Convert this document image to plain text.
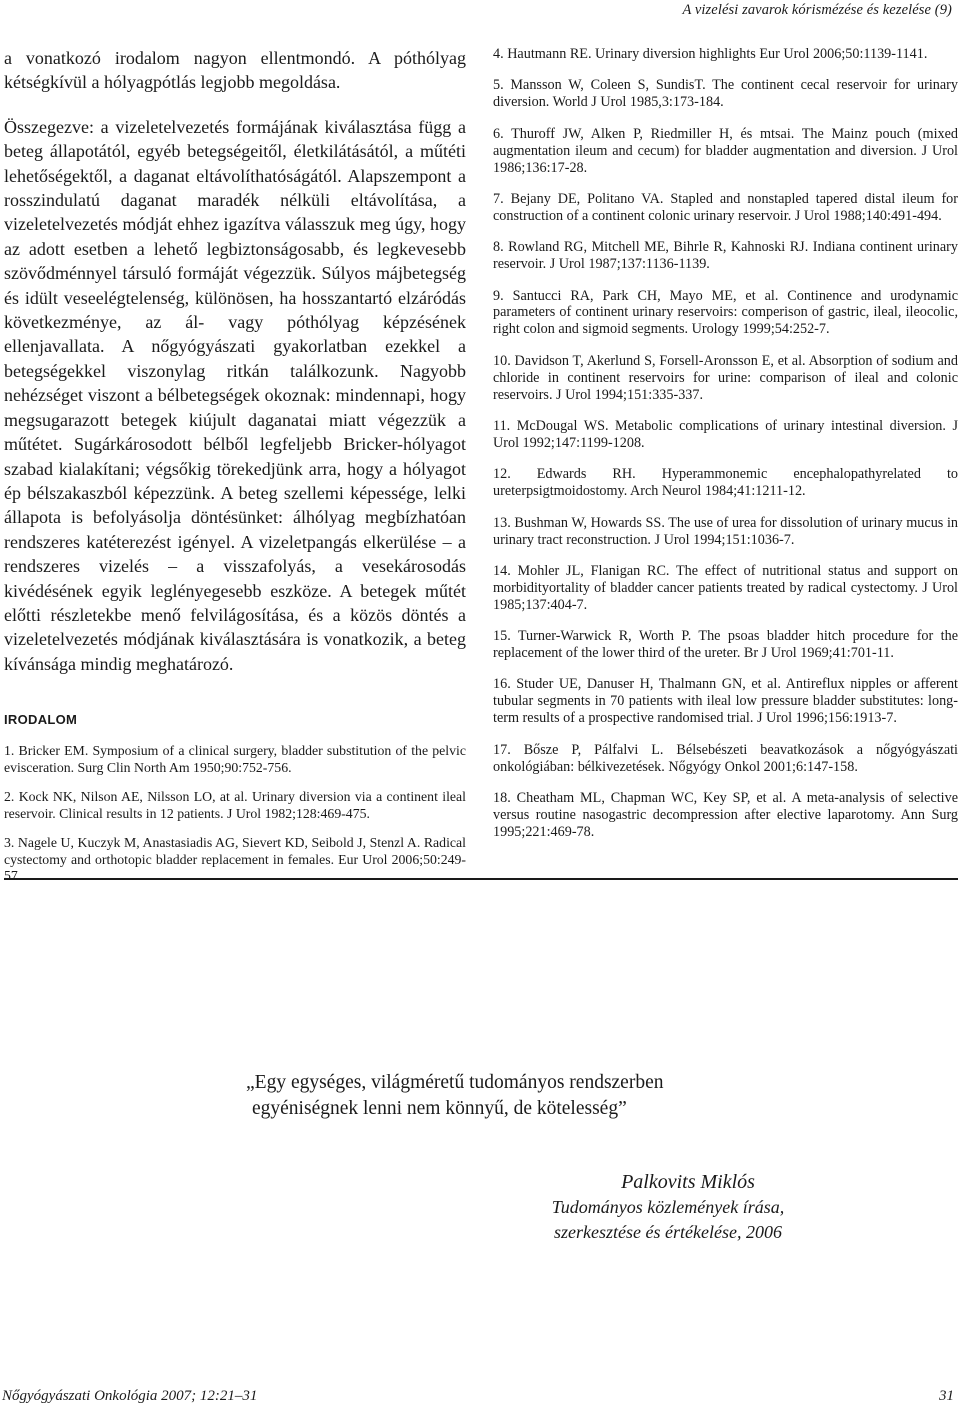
A vizelési zavarok kórismézése és kezelése (9)

a vonatkozó irodalom nagyon ellentmondó. A póthólyag kétségkívül a hólyagpótlás legjobb megoldása.

Összegezve: a vizeletelvezetés formájának kiválasztása függ a beteg állapotától, egyéb betegségeitől, életkilátásától, a műtéti lehetőségektől, a daganat eltávolíthatóságától. Alapszempont a rosszindulatú daganat maradék nélküli eltávolítása, a vizeletelvezetés módját ehhez igazítva válasszuk meg úgy, hogy az adott esetben a lehető legbiztonságosabb, és legkevesebb szövődménnyel társuló formáját végezzük. Súlyos májbetegség és idült veseelégtelenség, különösen, ha hosszantartó elzáródás következménye, az ál- vagy póthólyag képzésének ellenjavallata. A nőgyógyászati gyakorlatban ezekkel a betegségekkel viszonylag ritkán találkozunk. Nagyobb nehézséget viszont a bélbetegségek okoznak: mindennapi, hogy megsugarazott betegek kiújult daganatai miatt végezzük a műtétet. Sugárkárosodott bélből legfeljebb Bricker-hólyagot szabad kialakítani; végsőkig törekedjünk arra, hogy a hólyagot ép bélszakaszból képezzünk. A beteg szellemi képessége, lelki állapota is befolyásolja döntésünket: álhólyag megbízhatóan rendszeres katéterezést igényel. A vizeletpangás elkerülése – a rendszeres vizelés – a visszafolyás, a vesekárosodás kivédésének egyik leglényegesebb eszköze. A betegek műtét előtti részletekbe menő felvilágosítása, és a közös döntés a vizeletelvezetés módjának kiválasztására is vonatkozik, a beteg kívánsága mindig meghatározó.

IRODALOM

1. Bricker EM. Symposium of a clinical surgery, bladder substitution of the pelvic evisceration. Surg Clin North Am 1950;90:752-756.

2. Kock NK, Nilson AE, Nilsson LO, at al. Urinary diversion via a continent ileal reservoir. Clinical results in 12 patients. J Urol 1982;128:469-475.

3. Nagele U, Kuczyk M, Anastasiadis AG, Sievert KD, Seibold J, Stenzl A. Radical cystectomy and orthotopic bladder replacement in females. Eur Urol 2006;50:249-57.

4. Hautmann RE. Urinary diversion highlights Eur Urol 2006;50:1139-1141.

5. Mansson W, Coleen S, SundisT. The continent cecal reservoir for urinary diversion. World J Urol 1985,3:173-184.

6. Thuroff JW, Alken P, Riedmiller H, és mtsai. The Mainz pouch (mixed augmentation ileum and cecum) for bladder augmentation and diversion. J Urol 1986;136:17-28.

7. Bejany DE, Politano VA. Stapled and nonstapled tapered distal ileum for construction of a continent colonic urinary reservoir. J Urol 1988;140:491-494.

8. Rowland RG, Mitchell ME, Bihrle R, Kahnoski RJ. Indiana continent urinary reservoir. J Urol 1987;137:1136-1139.

9. Santucci RA, Park CH, Mayo ME, et al. Continence and urodynamic parameters of continent urinary reservoirs: comperison of gastric, ileal, ileocolic, right colon and sigmoid segments. Urology 1999;54:252-7.

10. Davidson T, Akerlund S, Forsell-Aronsson E, et al. Absorption of sodium and chloride in continent reservoirs for urine: comparison of ileal and colonic reservoirs. J Urol 1994;151:335-337.

11. McDougal WS. Metabolic complications of urinary intestinal diversion. J Urol 1992;147:1199-1208.

12. Edwards RH. Hyperammonemic encephalopathyrelated to ureterpsigtmoidostomy. Arch Neurol 1984;41:1211-12.

13. Bushman W, Howards SS. The use of urea for dissolution of urinary mucus in urinary tract reconstruction. J Urol 1994;151:1036-7.

14. Mohler JL, Flanigan RC. The effect of nutritional status and support on morbidityortality of bladder cancer patients treated by radical cystectomy. J Urol 1985;137:404-7.

15. Turner-Warwick R, Worth P. The psoas bladder hitch procedure for the replacement of the lower third of the ureter. Br J Urol 1969;41:701-11.

16. Studer UE, Danuser H, Thalmann GN, et al. Antireflux nipples or afferent tubular segments in 70 patients with ileal low pressure bladder substitutes: long-term results of a prospective randomised trial. J Urol 1996;156:1913-7.

17. Bősze P, Pálfalvi L. Bélsebészeti beavatkozások a nőgyógyászati onkológiában: bélkivezetések. Nőgyógy Onkol 2001;6:147-158.

18. Cheatham ML, Chapman WC, Key SP, et al. A meta-analysis of selective versus routine nasogastric decompression after elective laparotomy. Ann Surg 1995;221:469-78.

„Egy egységes, világméretű tudományos rendszerben
egyéniségnek lenni nem könnyű, de kötelesség”
Palkovits Miklós
Tudományos közlemények írása,
szerkesztése és értékelése, 2006
Nőgyógyászati Onkológia 2007; 12:21–31	31
